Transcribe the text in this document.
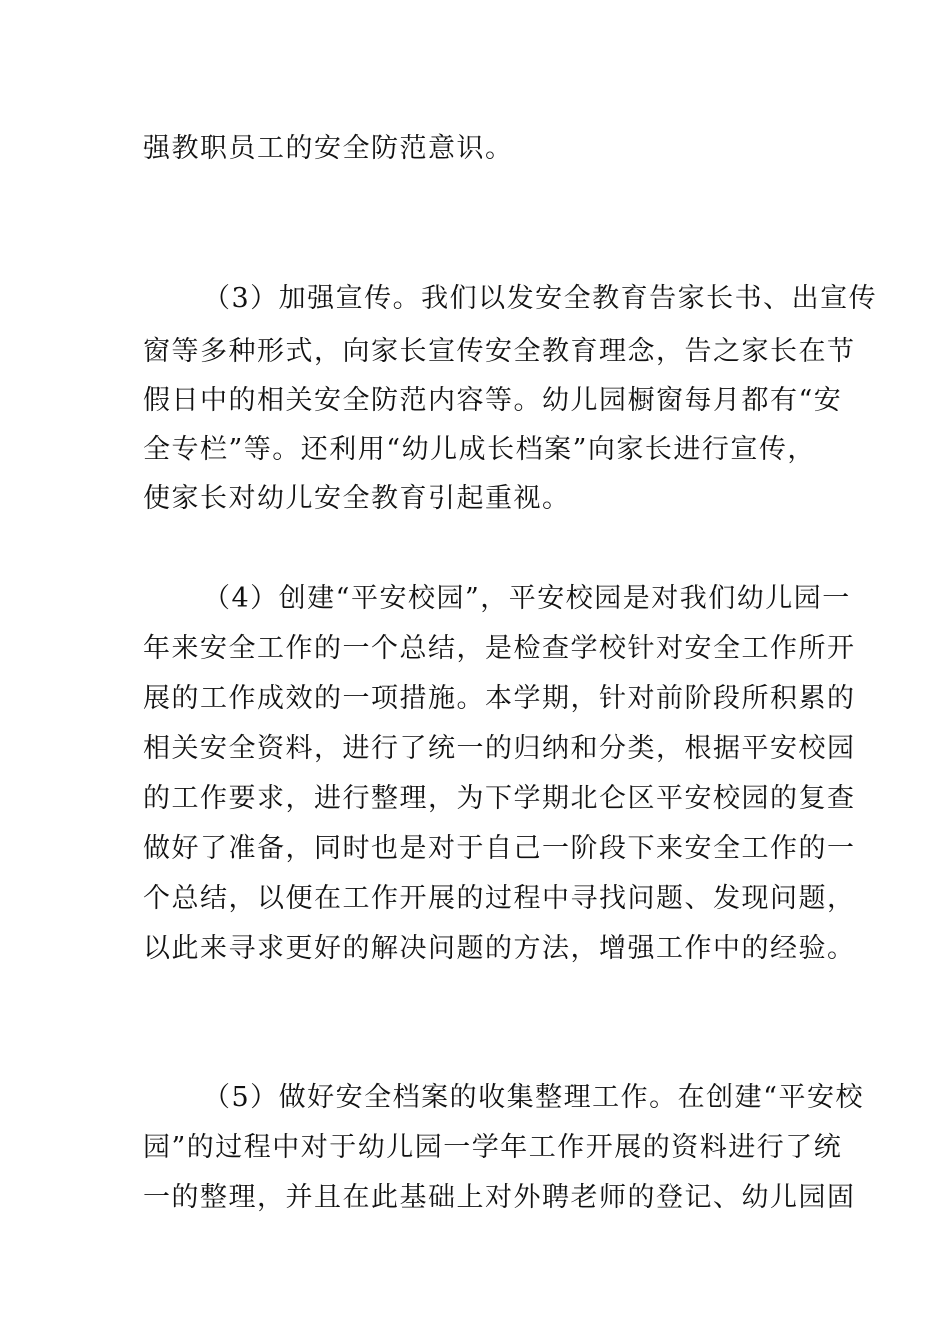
强教职员工的安全防范意识。
（3）加强宣传。我们以发安全教育告家长书、出宣传
窗等多种形式，向家长宣传安全教育理念，告之家长在节
假日中的相关安全防范内容等。幼儿园橱窗每月都有“安
全专栏”等。还利用“幼儿成长档案”向家长进行宣传，
使家长对幼儿安全教育引起重视。
（4）创建“平安校园”，平安校园是对我们幼儿园一
年来安全工作的一个总结，是检查学校针对安全工作所开
展的工作成效的一项措施。本学期，针对前阶段所积累的
相关安全资料，进行了统一的归纳和分类，根据平安校园
的工作要求，进行整理，为下学期北仑区平安校园的复查
做好了准备，同时也是对于自己一阶段下来安全工作的一
个总结，以便在工作开展的过程中寻找问题、发现问题，
以此来寻求更好的解决问题的方法，增强工作中的经验。
（5）做好安全档案的收集整理工作。在创建“平安校
园”的过程中对于幼儿园一学年工作开展的资料进行了统
一的整理，并且在此基础上对外聘老师的登记、幼儿园固
